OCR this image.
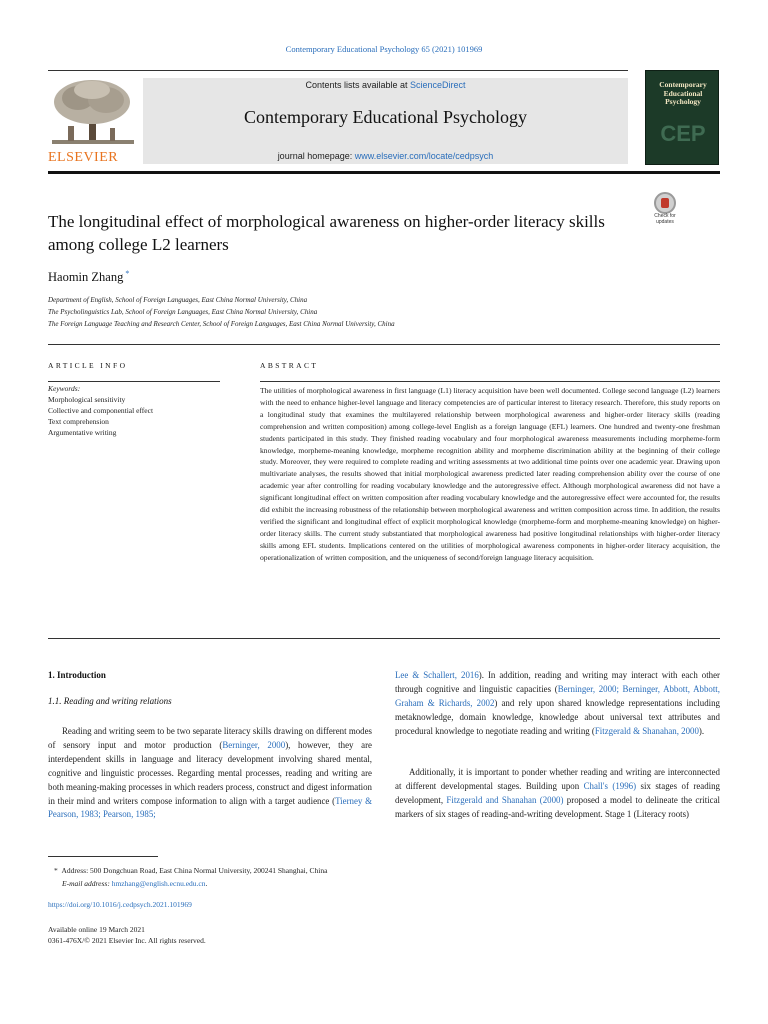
Contemporary Educational Psychology 65 (2021) 101969
ELSEVIER
Contents lists available at ScienceDirect
Contemporary Educational Psychology
journal homepage: www.elsevier.com/locate/cedpsych
Contemporary Educational Psychology
CEP
The longitudinal effect of morphological awareness on higher-order literacy skills among college L2 learners
Check for updates
Haomin Zhang *
Department of English, School of Foreign Languages, East China Normal University, China
The Psycholinguistics Lab, School of Foreign Languages, East China Normal University, China
The Foreign Language Teaching and Research Center, School of Foreign Languages, East China Normal University, China
ARTICLE INFO	ABSTRACT
Keywords:
Morphological sensitivity
Collective and componential effect
Text comprehension
Argumentative writing

The utilities of morphological awareness in first language (L1) literacy acquisition have been well documented. College second language (L2) learners with the need to enhance higher-level language and literacy competencies are of particular interest to literacy research. Therefore, this study reports on a longitudinal study that examines the multilayered relationship between morphological awareness and higher-order literacy skills (reading comprehension and written composition) among college-level English as a foreign language (EFL) learners. One hundred and twenty-one freshman students participated in this study. They finished reading vocabulary and four morphological awareness measurements including morpheme-form knowledge, morpheme-meaning knowledge, morpheme recognition ability and morpheme discrimination ability at the beginning of their college study. Moreover, they were required to complete reading and writing assessments at two additional time points over one academic year. Drawing upon multivariate analyses, the results showed that initial morphological awareness predicted later reading comprehension ability over the course of one academic year after controlling for reading vocabulary knowledge and the autoregressive effect. Although morphological awareness did not have a significant longitudinal effect on written composition after reading vocabulary knowledge and the autoregressive effect were accounted for, the results did exhibit the increasing robustness of the relationship between morphological awareness and written composition across time. In addition, the results verified the significant and longitudinal effect of explicit morphological knowledge (morpheme-form and morpheme-meaning knowledge) on higher-order literacy skills. The current study substantiated that morphological awareness had positive longitudinal relationships with higher-order literacy skills among EFL students. Implications centered on the utilities of morphological awareness components in higher-order literacy acquisition, the operationalization of written composition, and the uniqueness of second/foreign language literacy acquisition.

1. Introduction
1.1. Reading and writing relations

Reading and writing seem to be two separate literacy skills drawing on different modes of sensory input and motor production (Berninger, 2000), however, they are interdependent skills in language and literacy development involving shared mental, cognitive and linguistic processes. Regarding mental processes, reading and writing are both meaning-making processes in which readers process, construct and digest information in their mind and writers compose information to align with a target audience (Tierney & Pearson, 1983; Pearson, 1985;

Lee & Schallert, 2016). In addition, reading and writing may interact with each other through cognitive and linguistic capacities (Berninger, 2000; Berninger, Abbott, Abbott, Graham & Richards, 2002) and rely upon shared knowledge representations including metaknowledge, domain knowledge, knowledge about universal text attributes and procedural knowledge to negotiate reading and writing (Fitzgerald & Shanahan, 2000).

Additionally, it is important to ponder whether reading and writing are interconnected at different developmental stages. Building upon Chall's (1996) six stages of reading development, Fitzgerald and Shanahan (2000) proposed a model to delineate the critical markers of six stages of reading-and-writing development. Stage 1 (Literacy roots)

* Address: 500 Dongchuan Road, East China Normal University, 200241 Shanghai, China
E-mail address: hmzhang@english.ecnu.edu.cn.
https://doi.org/10.1016/j.cedpsych.2021.101969
Available online 19 March 2021
0361-476X/© 2021 Elsevier Inc. All rights reserved.
